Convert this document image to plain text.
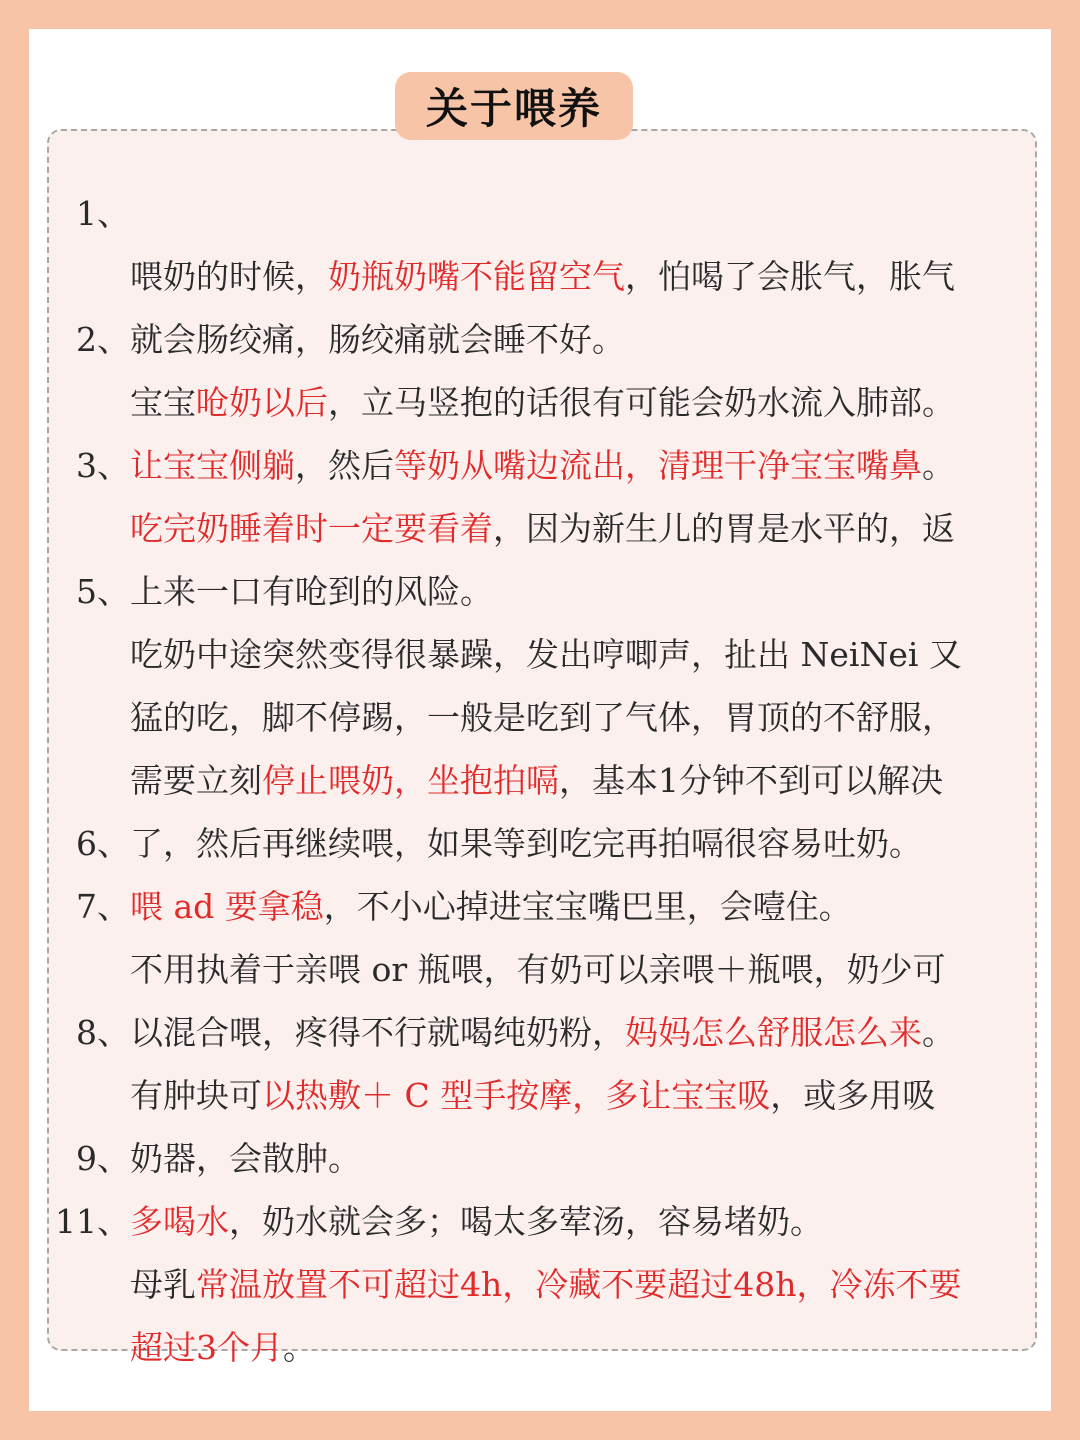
关于喂养
1、

喂奶的时候，奶瓶奶嘴不能留空气，怕喝了会胀气，胀气
就会肠绞痛，肠绞痛就会睡不好。

2、

宝宝呛奶以后，立马竖抱的话很有可能会奶水流入肺部。
让宝宝侧躺，然后等奶从嘴边流出，清理干净宝宝嘴鼻。

3、

吃完奶睡着时一定要看着，因为新生儿的胃是水平的，返
上来一口有呛到的风险。

5、

吃奶中途突然变得很暴躁，发出哼唧声，扯出 NeiNei 又
猛的吃，脚不停踢，一般是吃到了气体，胃顶的不舒服，
需要立刻停止喂奶，坐抱拍嗝，基本1分钟不到可以解决
了，然后再继续喂，如果等到吃完再拍嗝很容易吐奶。

6、

喂 ad 要拿稳，不小心掉进宝宝嘴巴里，会噎住。

7、

不用执着于亲喂 or 瓶喂，有奶可以亲喂＋瓶喂，奶少可
以混合喂，疼得不行就喝纯奶粉，妈妈怎么舒服怎么来。

8、

有肿块可以热敷＋ C 型手按摩，多让宝宝吸，或多用吸
奶器，会散肿。

9、

多喝水，奶水就会多；喝太多荤汤，容易堵奶。

11、

母乳常温放置不可超过4h，冷藏不要超过48h，冷冻不要
超过3个月。
